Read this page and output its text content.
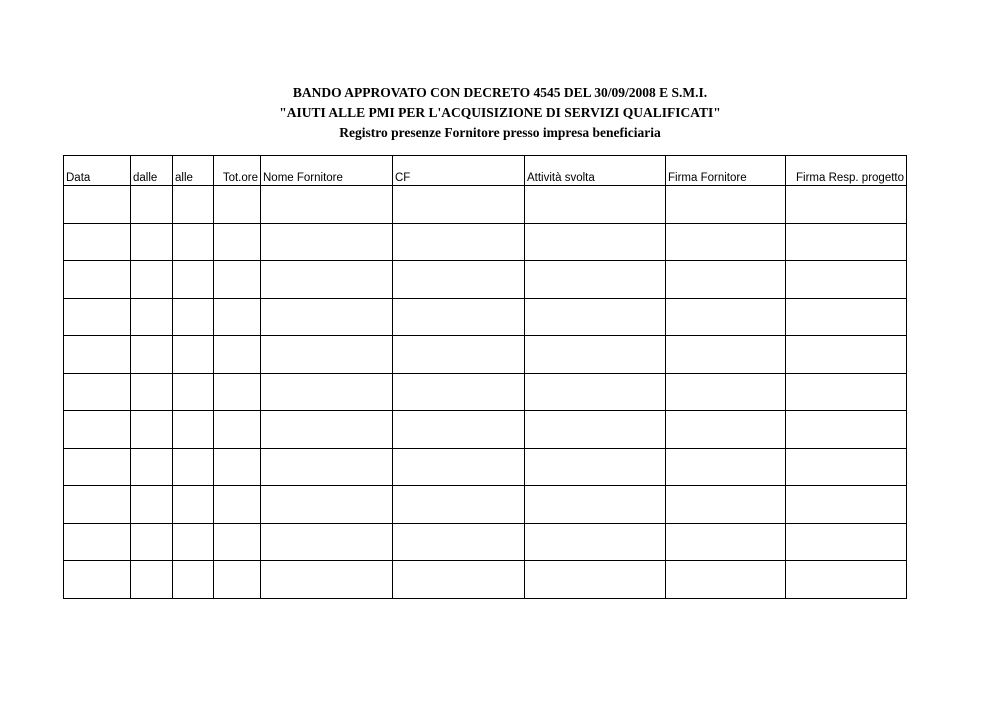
BANDO APPROVATO CON DECRETO 4545 DEL 30/09/2008 E S.M.I.
"AIUTI ALLE PMI PER L'ACQUISIZIONE DI SERVIZI QUALIFICATI"
Registro presenze Fornitore presso impresa beneficiaria
Data	dalle	alle	Tot.ore	Nome Fornitore	CF	Attività svolta	Firma Fornitore	Firma Resp. progetto
